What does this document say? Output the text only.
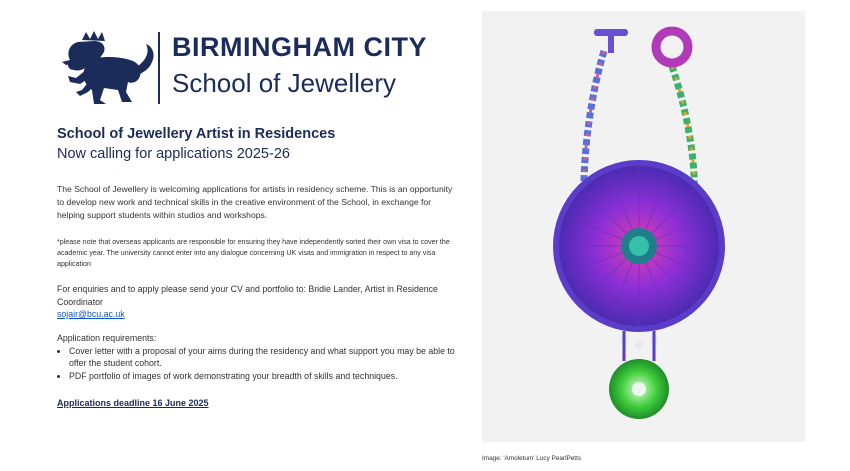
BIRMINGHAM CITY
School of Jewellery
School of Jewellery Artist in Residences
Now calling for applications 2025-26
The School of Jewellery is welcoming applications for artists in residency scheme. This is an opportunity to develop new work and technical skills in the creative environment of the School, in exchange for helping support students within studios and workshops.
*please note that overseas applicants are responsible for ensuring they have independently sorted their own visa to cover the academic year. The university cannot enter into any dialogue concerning UK visas and immigration in respect to any visa application
For enquiries and to apply please send your CV and portfolio to: Bridie Lander, Artist in Residence Coordinator
sojair@bcu.ac.uk
Application requirements:
• Cover letter with a proposal of your aims during the residency and what support you may be able to offer the student cohort.
• PDF portfolio of images of work demonstrating your breadth of skills and techniques.
Applications deadline 16 June 2025
Image: 'Amoletum' Lucy PearlPetts
